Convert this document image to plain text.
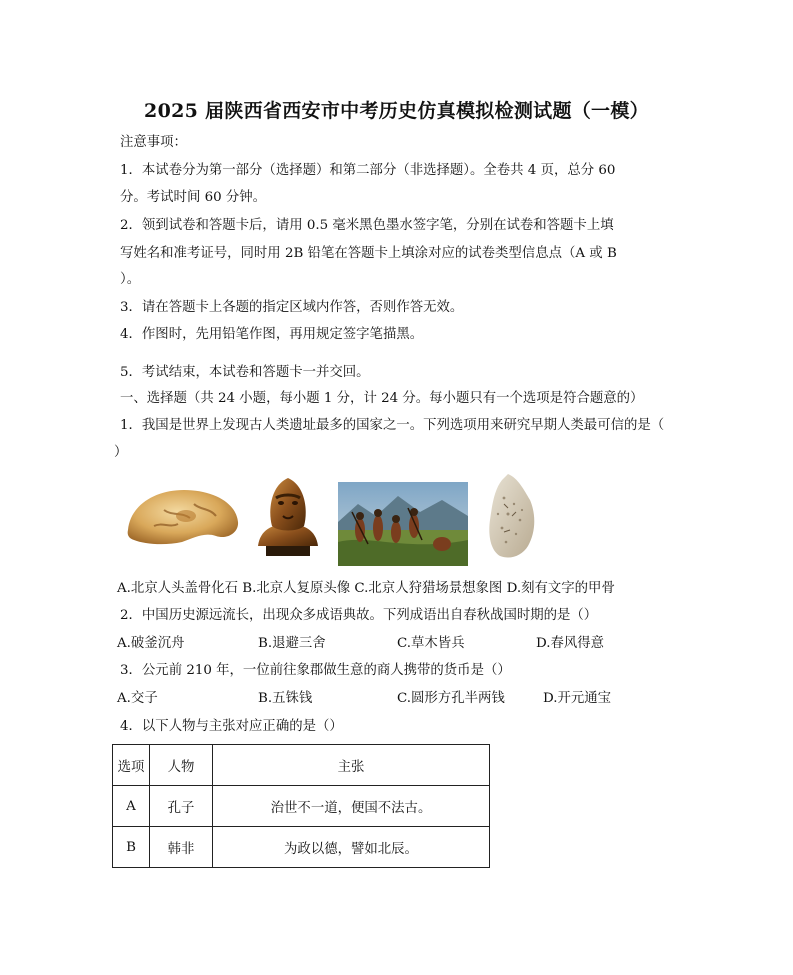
2025 届陕西省西安市中考历史仿真模拟检测试题（一模）
注意事项：
1．本试卷分为第一部分（选择题）和第二部分（非选择题）。全卷共 4 页，总分 60
分。考试时间 60 分钟。
2．领到试卷和答题卡后，请用 0.5 毫米黑色墨水签字笔，分别在试卷和答题卡上填
写姓名和准考证号，同时用 2B 铅笔在答题卡上填涂对应的试卷类型信息点（A 或 B
）。
3．请在答题卡上各题的指定区域内作答，否则作答无效。
4．作图时，先用铅笔作图，再用规定签字笔描黑。
5．考试结束，本试卷和答题卡一并交回。
一、选择题（共 24 小题，每小题 1 分，计 24 分。每小题只有一个选项是符合题意的）
1．我国是世界上发现古人类遗址最多的国家之一。下列选项用来研究早期人类最可信的是（
）
A.北京人头盖骨化石 B.北京人复原头像 C.北京人狩猎场景想象图 D.刻有文字的甲骨
2．中国历史源远流长，出现众多成语典故。下列成语出自春秋战国时期的是（）
A.破釜沉舟	B.退避三舍	C.草木皆兵	D.春风得意
3．公元前 210 年，一位前往象郡做生意的商人携带的货币是（）
A.交子	B.五铢钱	C.圆形方孔半两钱	D.开元通宝
4．以下人物与主张对应正确的是（）
选项	人物	主张
A	孔子	治世不一道，便国不法古。
B	韩非	为政以德，譬如北辰。
